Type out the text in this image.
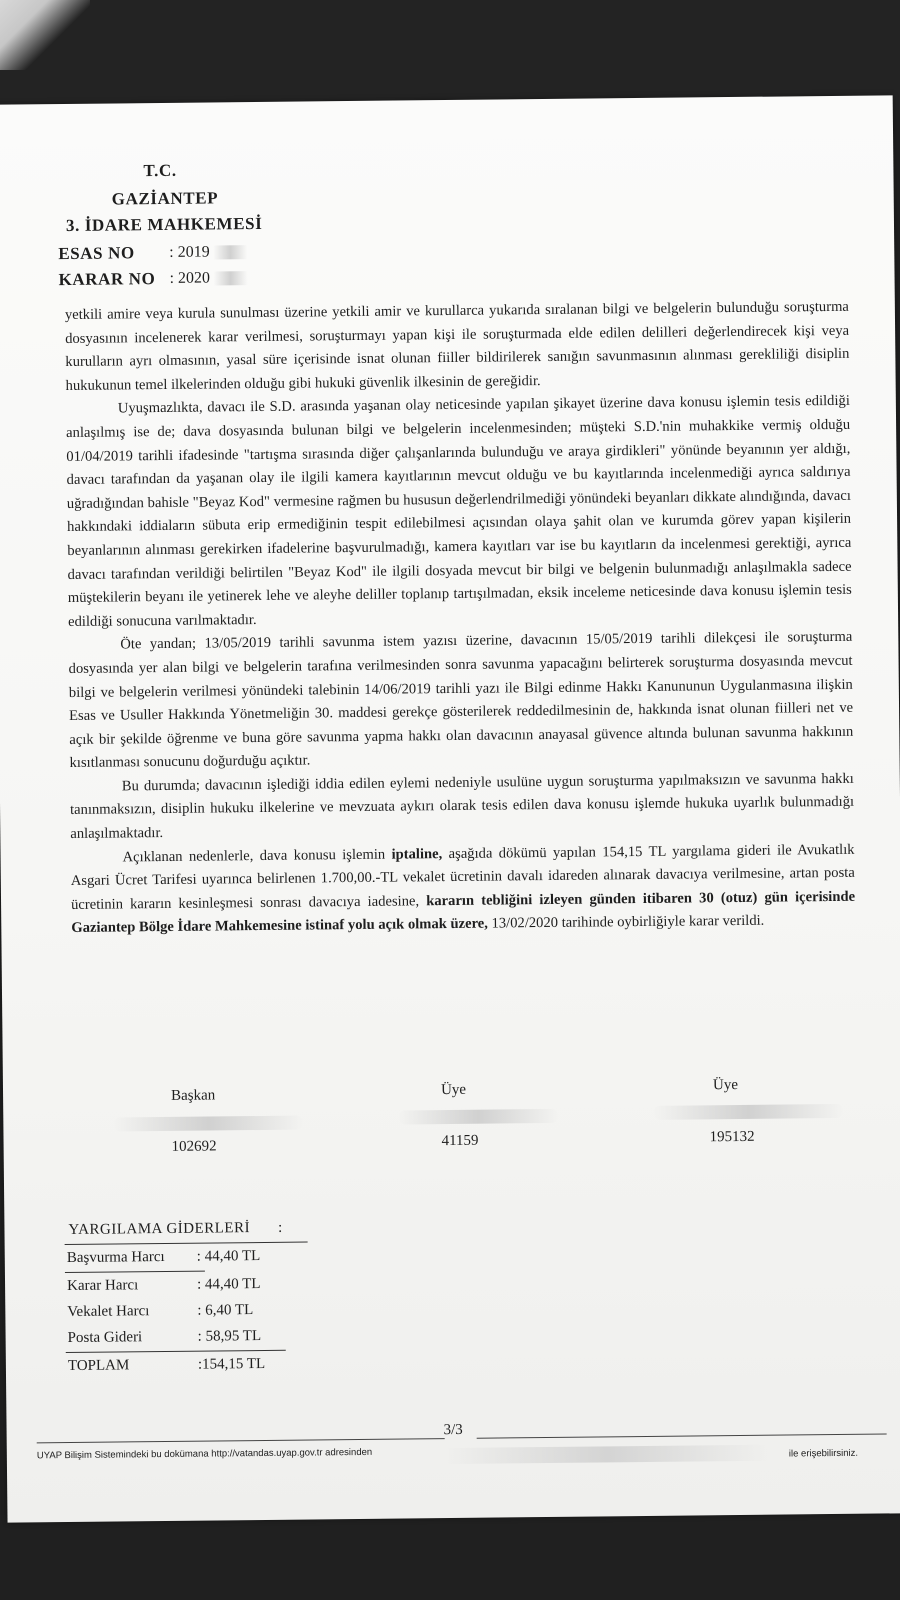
T.C.
GAZİANTEP
3. İDARE MAHKEMESİ
ESAS NO : 2019
KARAR NO : 2020

yetkili amire veya kurula sunulması üzerine yetkili amir ve kurullarca yukarıda sıralanan bilgi ve belgelerin bulunduğu soruşturma dosyasının incelenerek karar verilmesi, soruşturmayı yapan kişi ile soruşturmada elde edilen delilleri değerlendirecek kişi veya kurulların ayrı olmasının, yasal süre içerisinde isnat olunan fiiller bildirilerek sanığın savunmasının alınması gerekliliği disiplin hukukunun temel ilkelerinden olduğu gibi hukuki güvenlik ilkesinin de gereğidir.

Uyuşmazlıkta, davacı ile S.D. arasında yaşanan olay neticesinde yapılan şikayet üzerine dava konusu işlemin tesis edildiği anlaşılmış ise de; dava dosyasında bulunan bilgi ve belgelerin incelenmesinden; müşteki S.D.'nin muhakkike vermiş olduğu 01/04/2019 tarihli ifadesinde "tartışma sırasında diğer çalışanlarında bulunduğu ve araya girdikleri" yönünde beyanının yer aldığı, davacı tarafından da yaşanan olay ile ilgili kamera kayıtlarının mevcut olduğu ve bu kayıtlarında incelenmediği ayrıca saldırıya uğradığından bahisle "Beyaz Kod" vermesine rağmen bu hususun değerlendrilmediği yönündeki beyanları dikkate alındığında, davacı hakkındaki iddiaların sübuta erip ermediğinin tespit edilebilmesi açısından olaya şahit olan ve kurumda görev yapan kişilerin beyanlarının alınması gerekirken ifadelerine başvurulmadığı, kamera kayıtları var ise bu kayıtların da incelenmesi gerektiği, ayrıca davacı tarafından verildiği belirtilen "Beyaz Kod" ile ilgili dosyada mevcut bir bilgi ve belgenin bulunmadığı anlaşılmakla sadece müştekilerin beyanı ile yetinerek lehe ve aleyhe deliller toplanıp tartışılmadan, eksik inceleme neticesinde dava konusu işlemin tesis edildiği sonucuna varılmaktadır.

Öte yandan; 13/05/2019 tarihli savunma istem yazısı üzerine, davacının 15/05/2019 tarihli dilekçesi ile soruşturma dosyasında yer alan bilgi ve belgelerin tarafına verilmesinden sonra savunma yapacağını belirterek soruşturma dosyasında mevcut bilgi ve belgelerin verilmesi yönündeki talebinin 14/06/2019 tarihli yazı ile Bilgi edinme Hakkı Kanununun Uygulanmasına ilişkin Esas ve Usuller Hakkında Yönetmeliğin 30. maddesi gerekçe gösterilerek reddedilmesinin de, hakkında isnat olunan fiilleri net ve açık bir şekilde öğrenme ve buna göre savunma yapma hakkı olan davacının anayasal güvence altında bulunan savunma hakkının kısıtlanması sonucunu doğurduğu açıktır.

Bu durumda; davacının işlediği iddia edilen eylemi nedeniyle usulüne uygun soruşturma yapılmaksızın ve savunma hakkı tanınmaksızın, disiplin hukuku ilkelerine ve mevzuata aykırı olarak tesis edilen dava konusu işlemde hukuka uyarlık bulunmadığı anlaşılmaktadır.

Açıklanan nedenlerle, dava konusu işlemin iptaline, aşağıda dökümü yapılan 154,15 TL yargılama gideri ile Avukatlık Asgari Ücret Tarifesi uyarınca belirlenen 1.700,00.-TL vekalet ücretinin davalı idareden alınarak davacıya verilmesine, artan posta ücretinin kararın kesinleşmesi sonrası davacıya iadesine, kararın tebliğini izleyen günden itibaren 30 (otuz) gün içerisinde Gaziantep Bölge İdare Mahkemesine istinaf yolu açık olmak üzere, 13/02/2020 tarihinde oybirliğiyle karar verildi.

Başkan
102692
Üye
41159
Üye
195132
YARGILAMA GİDERLERİ :
Başvurma Harcı : 44,40 TL
Karar Harcı	: 44,40 TL
Vekalet Harcı	: 6,40 TL
Posta Gideri	: 58,95 TL
TOPLAM	:154,15 TL
3/3
UYAP Bilişim Sistemindeki bu dokümana http://vatandas.uyap.gov.tr adresinden	ile erişebilirsiniz.
